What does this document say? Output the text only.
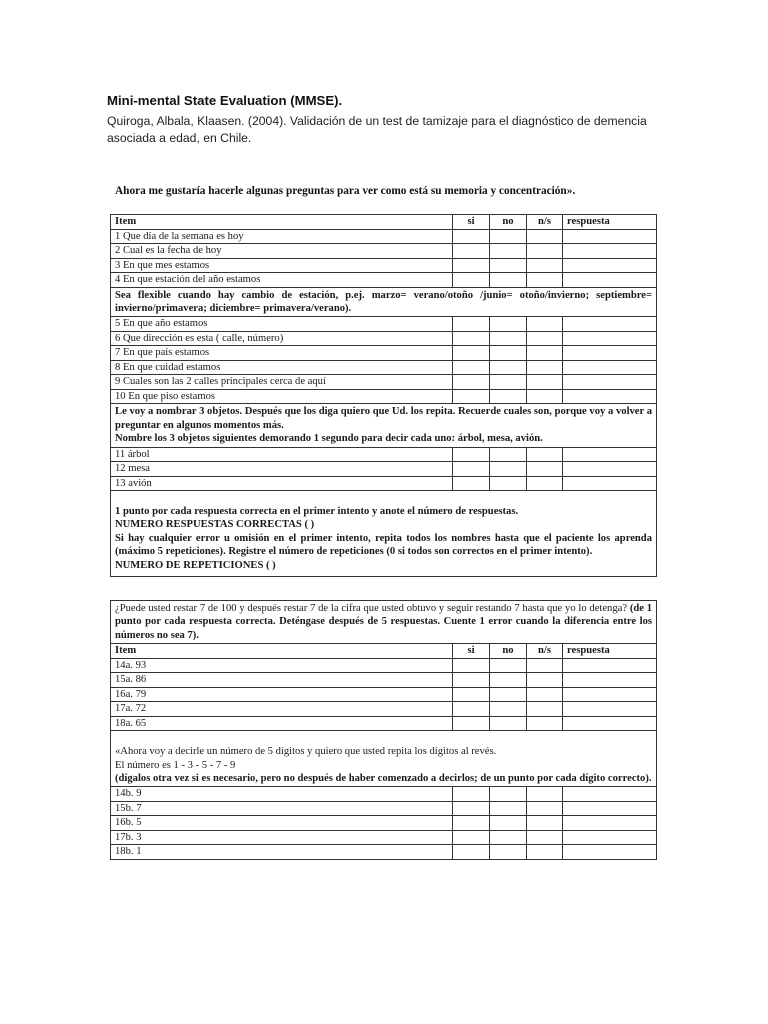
Mini-mental State Evaluation (MMSE).
Quiroga, Albala, Klaasen. (2004). Validación de un test de tamizaje para el diagnóstico de demencia asociada a edad, en Chile.
Ahora me gustaría hacerle algunas preguntas para ver como está su memoria y concentración».
Item	si	no	n/s	respuesta
1 Que día de la semana es hoy				
2 Cual es la fecha de hoy				
3 En que mes estamos				
4 En que estación del año estamos				
Sea flexible cuando hay cambio de estación, p.ej. marzo= verano/otoño /junio= otoño/invierno; septiembre= invierno/primavera; diciembre= primavera/verano).				
5 En que año estamos				
6 Que dirección es esta ( calle, número)				
7 En que país estamos				
8 En que cuidad estamos				
9 Cuales son las 2 calles principales cerca de aquí				
10 En que piso estamos				

Le voy a nombrar 3 objetos. Después que los diga quiero que Ud. los repita. Recuerde cuales son, porque voy a volver a preguntar en algunos momentos más.
Nombre los 3 objetos siguientes demorando 1 segundo para decir cada uno: árbol, mesa, avión.				

11 árbol				
12 mesa				
13 avión				

1 punto por cada respuesta correcta en el primer intento y anote el número de respuestas.
NUMERO RESPUESTAS CORRECTAS ( )
Si hay cualquier error u omisión en el primer intento, repita todos los nombres hasta que el paciente los aprenda (máximo 5 repeticiones). Registre el número de repeticiones (0 si todos son correctos en el primer intento).
NUMERO DE REPETICIONES ( )				
¿Puede usted restar 7 de 100 y después restar 7 de la cifra que usted obtuvo y seguir restando 7 hasta que yo lo detenga? (de 1 punto por cada respuesta correcta. Deténgase después de 5 respuestas. Cuente 1 error cuando la diferencia entre los números no sea 7).				
Item	si	no	n/s	respuesta
14a. 93				
15a. 86				
16a. 79				
17a. 72				
18a. 65				

«Ahora voy a decirle un número de 5 dígitos y quiero que usted repita los dígitos al revés.
El número es 1 - 3 - 5 - 7 - 9
(dígalos otra vez si es necesario, pero no después de haber comenzado a decirlos; de un punto por cada dígito correcto).				

14b. 9				
15b. 7				
16b. 5				
17b. 3				
18b. 1				
